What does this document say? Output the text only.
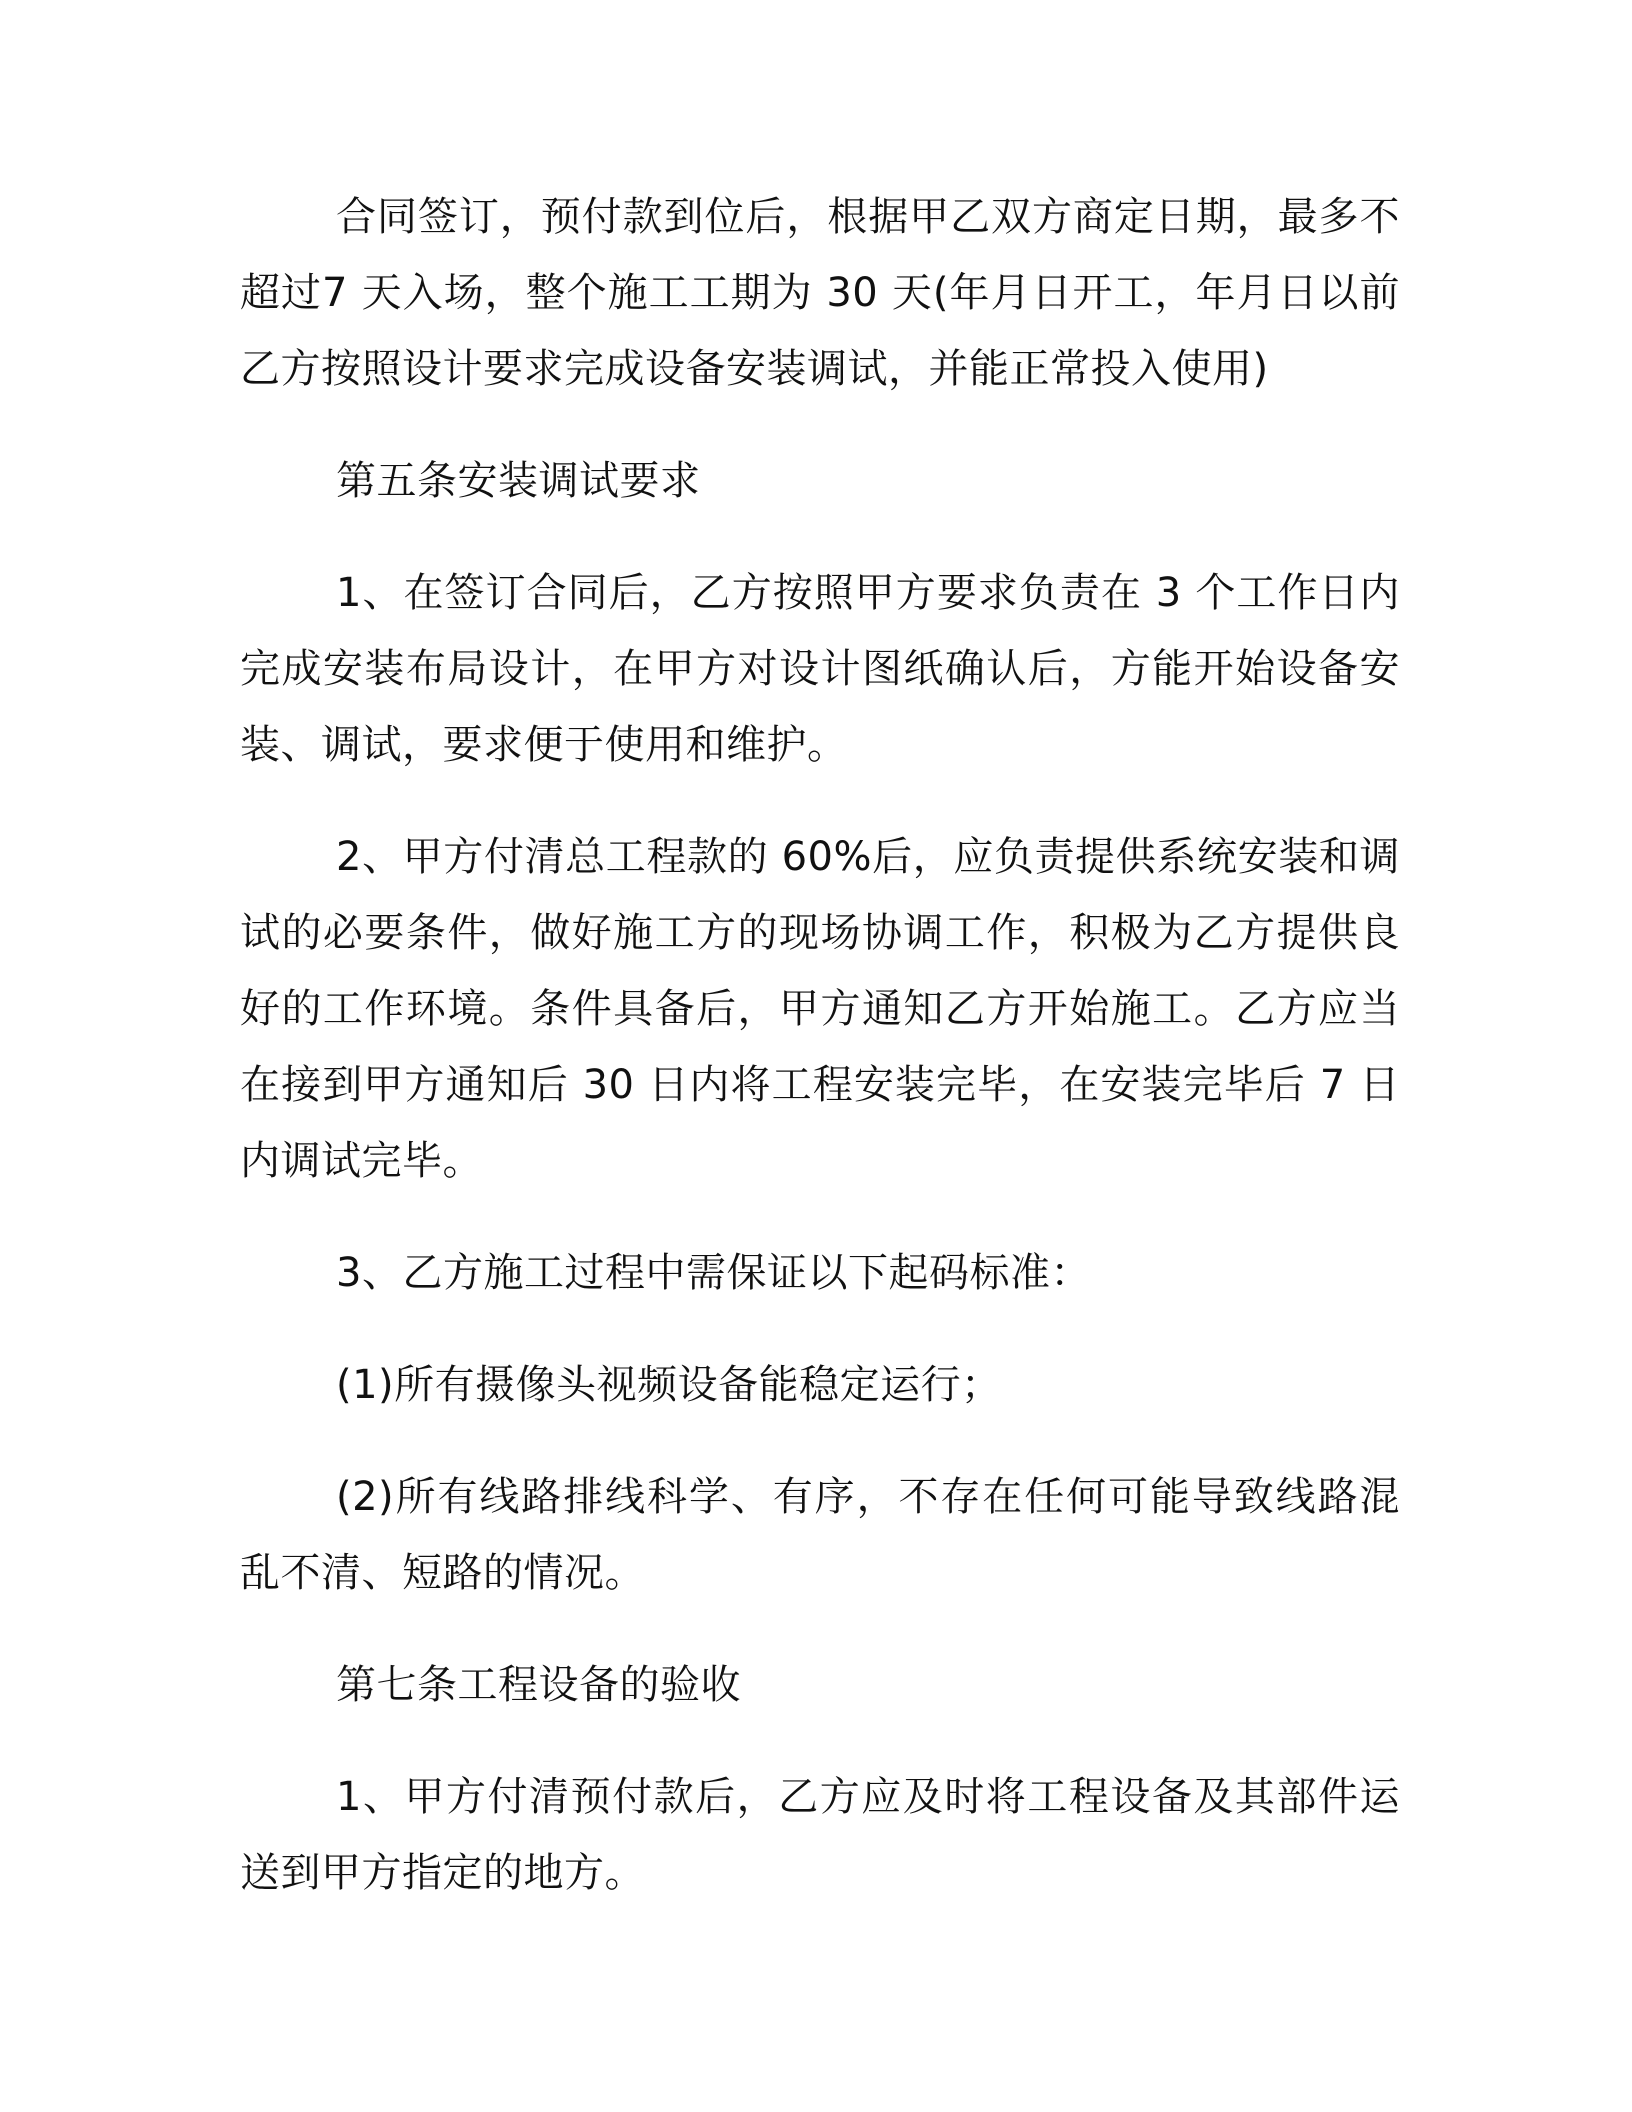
合同签订，预付款到位后，根据甲乙双方商定日期，最多不超过7 天入场，整个施工工期为 30 天(年月日开工，年月日以前乙方按照设计要求完成设备安装调试，并能正常投入使用)

第五条安装调试要求

1、在签订合同后，乙方按照甲方要求负责在 3 个工作日内完成安装布局设计，在甲方对设计图纸确认后，方能开始设备安装、调试，要求便于使用和维护。

2、甲方付清总工程款的 60%后，应负责提供系统安装和调试的必要条件，做好施工方的现场协调工作，积极为乙方提供良好的工作环境。条件具备后，甲方通知乙方开始施工。乙方应当在接到甲方通知后 30 日内将工程安装完毕，在安装完毕后 7 日内调试完毕。

3、乙方施工过程中需保证以下起码标准：

(1)所有摄像头视频设备能稳定运行；

(2)所有线路排线科学、有序，不存在任何可能导致线路混乱不清、短路的情况。

第七条工程设备的验收

1、甲方付清预付款后，乙方应及时将工程设备及其部件运送到甲方指定的地方。
